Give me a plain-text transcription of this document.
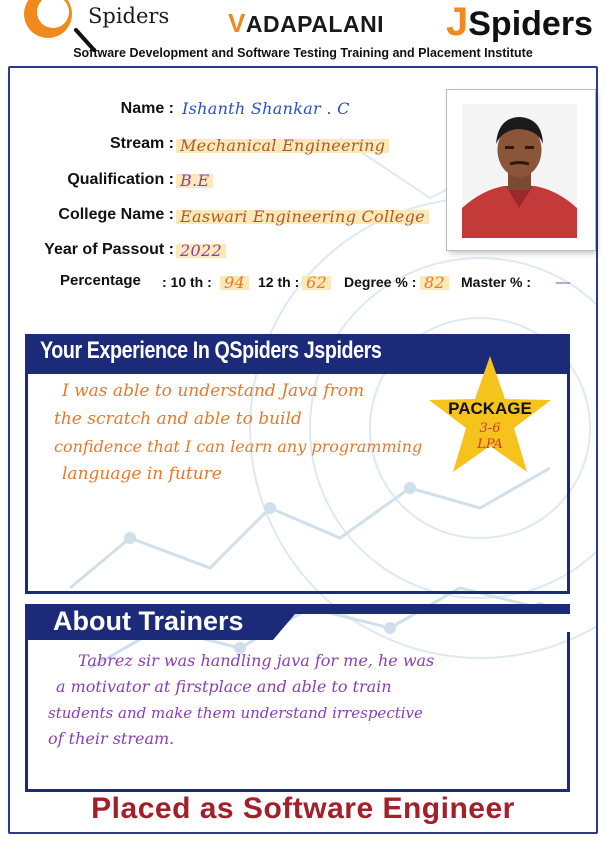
Spiders VADAPALANI JSpiders
Software Development and Software Testing Training and Placement Institute
Name : Ishanth Shankar . C
Stream : Mechanical Engineering
Qualification : B.E
College Name : Easwari Engineering College
Year of Passout : 2022
Percentage : 10 th : 94 12 th : 62 Degree % : 82 Master % : —
Your Experience In QSpiders Jspiders
I was able to understand Java from
the scratch and able to build
confidence that I can learn any programming
language in future
PACKAGE
3-6
LPA
About Trainers
Tabrez sir was handling java for me, he was
a motivator at firstplace and able to train
students and make them understand irrespective
of their stream.
Placed as Software Engineer
